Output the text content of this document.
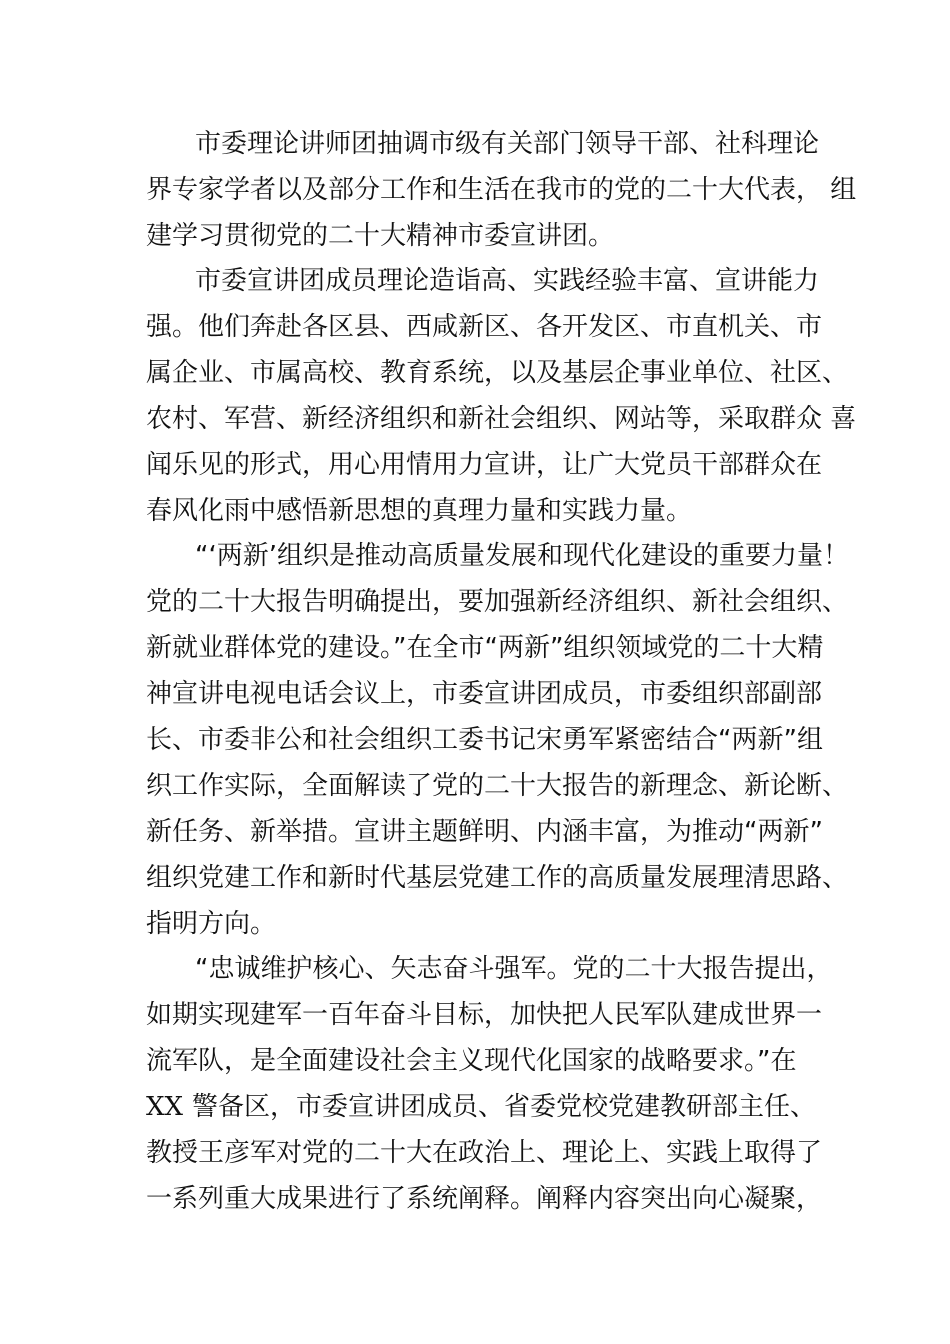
市委理论讲师团抽调市级有关部门领导干部、社科理论
界专家学者以及部分工作和生活在我市的党的二十大代表， 组
建学习贯彻党的二十大精神市委宣讲团。
市委宣讲团成员理论造诣高、实践经验丰富、宣讲能力
强。他们奔赴各区县、西咸新区、各开发区、市直机关、市
属企业、市属高校、教育系统，以及基层企事业单位、社区、
农村、军营、新经济组织和新社会组织、网站等，采取群众 喜
闻乐见的形式，用心用情用力宣讲，让广大党员干部群众在
春风化雨中感悟新思想的真理力量和实践力量。
“‘两新’组织是推动高质量发展和现代化建设的重要力量！
党的二十大报告明确提出，要加强新经济组织、新社会组织、
新就业群体党的建设。”在全市“两新”组织领域党的二十大精
神宣讲电视电话会议上，市委宣讲团成员，市委组织部副部
长、市委非公和社会组织工委书记宋勇军紧密结合“两新”组
织工作实际，全面解读了党的二十大报告的新理念、新论断、
新任务、新举措。宣讲主题鲜明、内涵丰富，为推动“两新”
组织党建工作和新时代基层党建工作的高质量发展理清思路、
指明方向。
“忠诚维护核心、矢志奋斗强军。党的二十大报告提出，
如期实现建军一百年奋斗目标，加快把人民军队建成世界一
流军队，是全面建设社会主义现代化国家的战略要求。”在
XX 警备区，市委宣讲团成员、省委党校党建教研部主任、
教授王彦军对党的二十大在政治上、理论上、实践上取得了
一系列重大成果进行了系统阐释。阐释内容突出向心凝聚，
